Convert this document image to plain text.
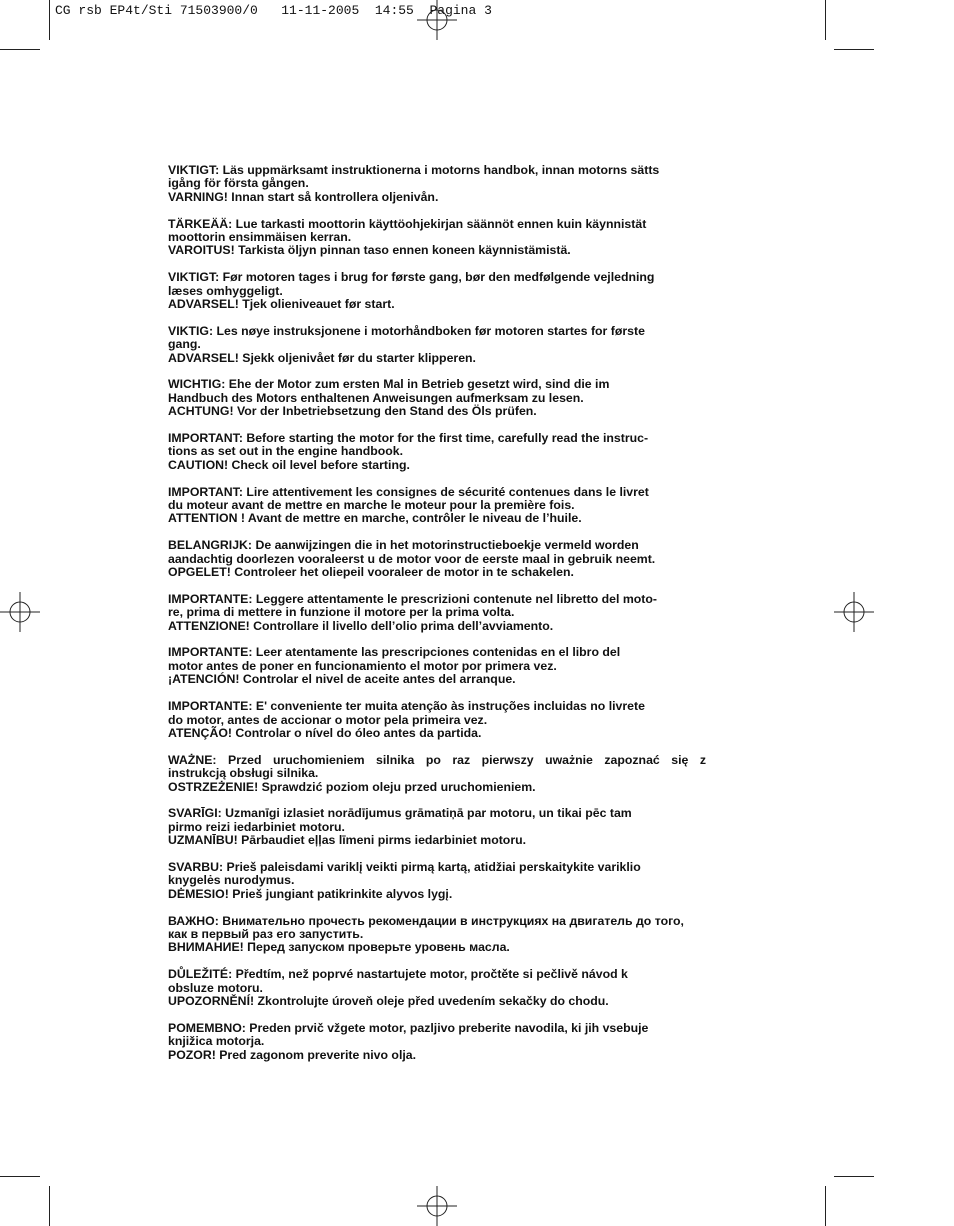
CG rsb EP4t/Sti 71503900/0   11-11-2005  14:55  Pagina 3
VIKTIGT: Läs uppmärksamt instruktionerna i motorns handbok, innan motorns sätts
igång för första gången.
VARNING! Innan start så kontrollera oljenivån.
TÄRKEÄÄ: Lue tarkasti moottorin käyttöohjekirjan säännöt ennen kuin käynnistät
moottorin ensimmäisen kerran.
VAROITUS! Tarkista öljyn pinnan taso ennen koneen käynnistämistä.
VIKTIGT: Før motoren tages i brug for første gang, bør den medfølgende vejledning
læses omhyggeligt.
ADVARSEL! Tjek olieniveauet før start.
VIKTIG: Les nøye instruksjonene i motorhåndboken før motoren startes for første
gang.
ADVARSEL! Sjekk oljenivået før du starter klipperen.
WICHTIG: Ehe der Motor zum ersten Mal in Betrieb gesetzt wird, sind die im
Handbuch des Motors enthaltenen Anweisungen aufmerksam zu lesen.
ACHTUNG! Vor der Inbetriebsetzung den Stand des Öls prüfen.
IMPORTANT: Before starting the motor for the first time, carefully read the instruc-
tions as set out in the engine handbook.
CAUTION! Check oil level before starting.
IMPORTANT: Lire attentivement les consignes de sécurité contenues dans le livret
du moteur avant de mettre en marche le moteur pour la première fois.
ATTENTION ! Avant de mettre en marche, contrôler le niveau de l’huile.
BELANGRIJK: De aanwijzingen die in het motorinstructieboekje vermeld worden
aandachtig doorlezen vooraleerst u de motor voor de eerste maal in gebruik neemt.
OPGELET! Controleer het oliepeil vooraleer de motor in te schakelen.
IMPORTANTE: Leggere attentamente le prescrizioni contenute nel libretto del moto-
re, prima di mettere in funzione il motore per la prima volta.
ATTENZIONE! Controllare il livello dell’olio prima dell’avviamento.
IMPORTANTE: Leer atentamente las prescripciones contenidas en el libro del
motor antes de poner en funcionamiento el motor por primera vez.
¡ATENCIÓN! Controlar el nivel de aceite antes del arranque.
IMPORTANTE: E' conveniente ter muita atenção às instruções incluidas no livrete
do motor, antes de accionar o motor pela primeira vez.
ATENÇÃO! Controlar o nível do óleo antes da partida.
WAŻNE: Przed uruchomieniem silnika po raz pierwszy uważnie zapoznać się z
instrukcją obsługi silnika.
OSTRZEŻENIE! Sprawdzić poziom oleju przed uruchomieniem.
SVARĪGI: Uzmanīgi izlasiet norādījumus grāmatiņā par motoru, un tikai pēc tam
pirmo reizi iedarbiniet motoru.
UZMANĪBU! Pārbaudiet eļļas līmeni pirms iedarbiniet motoru.
SVARBU: Prieš paleisdami variklį veikti pirmą kartą, atidžiai perskaitykite variklio
knygelės nurodymus.
DĖMESIO! Prieš jungiant patikrinkite alyvos lygį.
ВАЖНО: Внимательно прочесть рекомендации в инструкциях на двигатель до того,
как в первый раз его запустить.
ВНИМАНИЕ! Перед запуском проверьте уровень масла.
DŮLEŽITÉ: Předtím, než poprvé nastartujete motor, pročtěte si pečlivě návod k
obsluze motoru.
UPOZORNĚNÍ! Zkontrolujte úroveň oleje před uvedením sekačky do chodu.
POMEMBNO: Preden prvič vžgete motor, pazljivo preberite navodila, ki jih vsebuje
knjižica motorja.
POZOR! Pred zagonom preverite nivo olja.
